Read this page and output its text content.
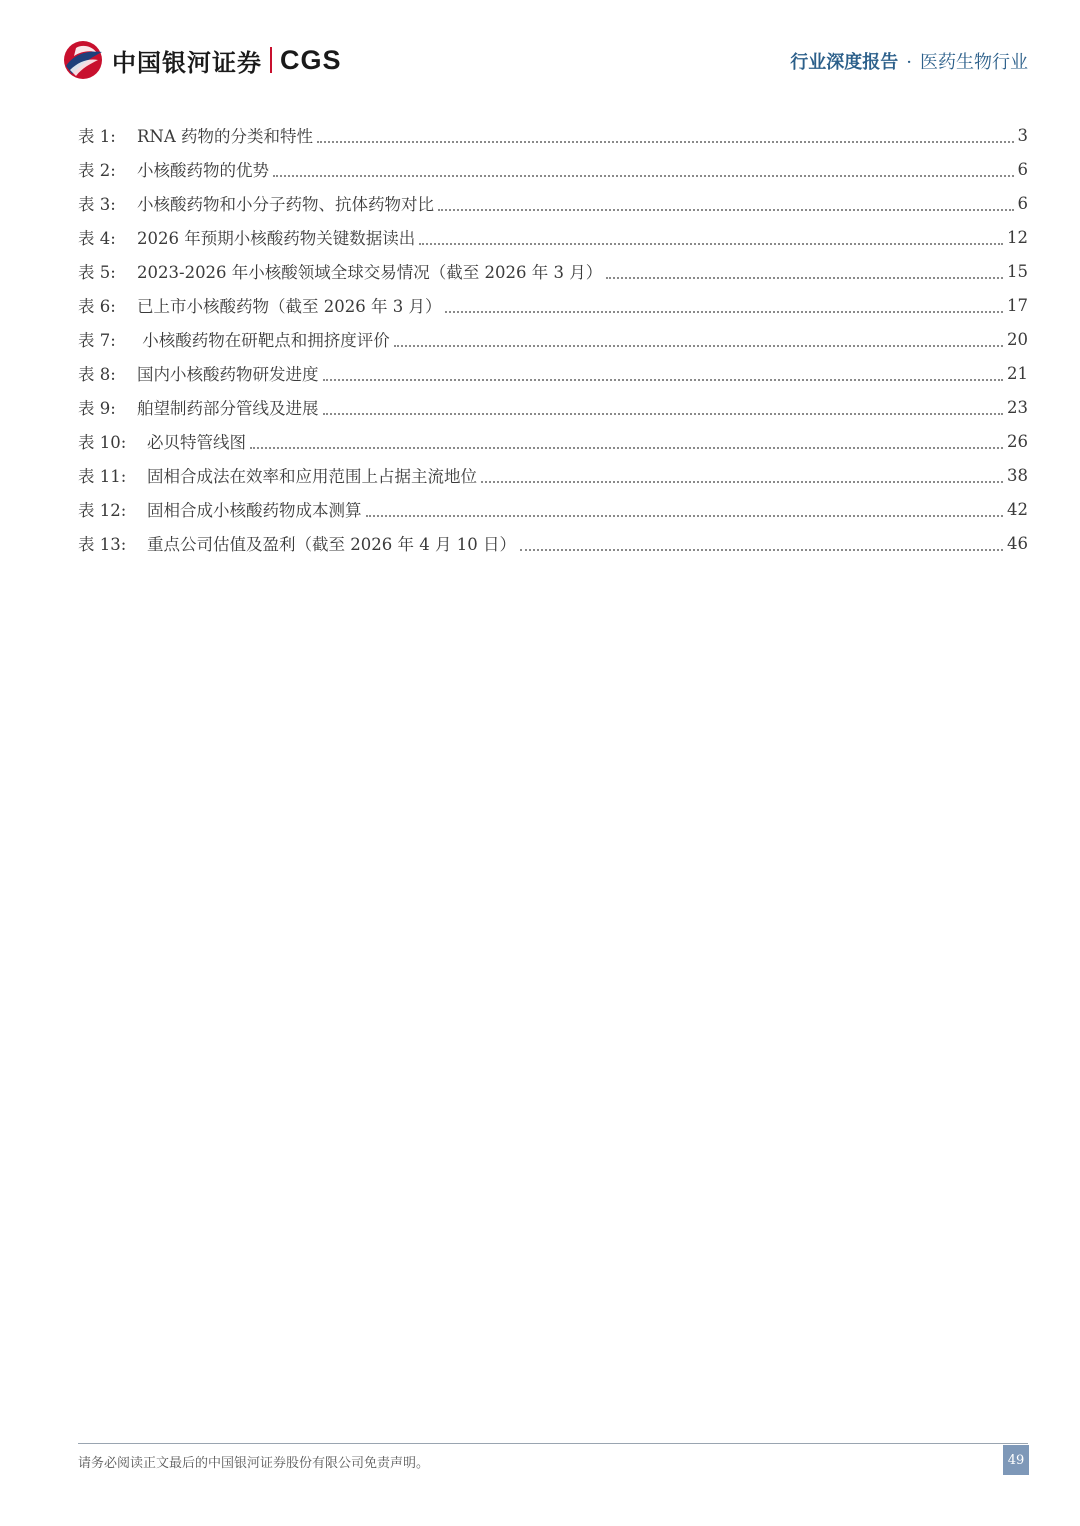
中国银河证券 CGS	行业深度报告 · 医药生物行业
表 1:	RNA 药物的分类和特性	3
表 2:	小核酸药物的优势	6
表 3:	小核酸药物和小分子药物、抗体药物对比	6
表 4:	2026 年预期小核酸药物关键数据读出	12
表 5:	2023-2026 年小核酸领域全球交易情况（截至 2026 年 3 月）	15
表 6:	已上市小核酸药物（截至 2026 年 3 月）	17
表 7:	小核酸药物在研靶点和拥挤度评价	20
表 8:	国内小核酸药物研发进度	21
表 9:	舶望制药部分管线及进展	23
表 10:	必贝特管线图	26
表 11:	固相合成法在效率和应用范围上占据主流地位	38
表 12:	固相合成小核酸药物成本测算	42
表 13:	重点公司估值及盈利（截至 2026 年 4 月 10 日）	46
请务必阅读正文最后的中国银河证券股份有限公司免责声明。	49
